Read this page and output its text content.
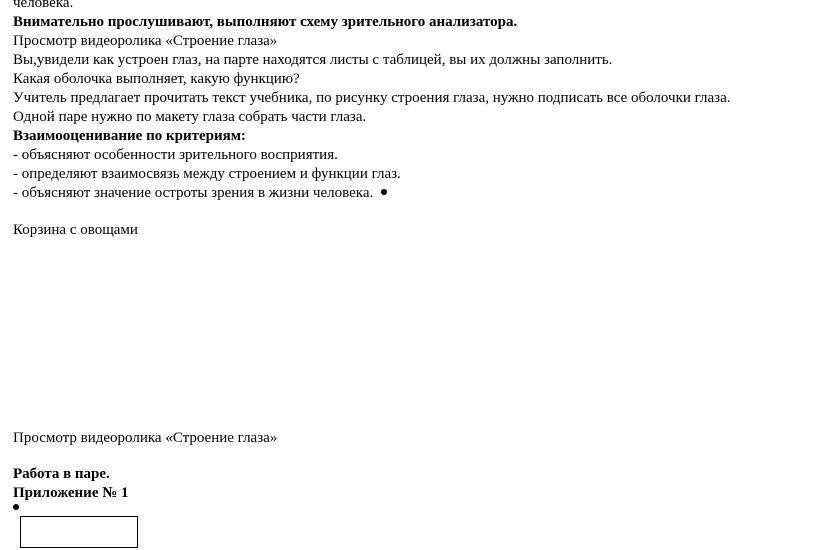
человека.
Внимательно прослушивают, выполняют схему зрительного анализатора.
Просмотр видеоролика «Строение глаза»
Вы,увидели как устроен глаз, на парте находятся листы с таблицей, вы их должны заполнить.
Какая оболочка выполняет, какую функцию?
Учитель предлагает прочитать текст учебника, по рисунку строения глаза, нужно подписать все оболочки глаза.
Одной паре нужно по макету глаза собрать части глаза.
Взаимооценивание по критериям:
- объясняют особенности зрительного восприятия.
- определяют взаимосвязь между строением и функции глаз.
- объясняют значение остроты зрения в жизни человека.
Корзина с овощами
Просмотр видеоролика «Строение глаза»
Работа в паре.
Приложение № 1
